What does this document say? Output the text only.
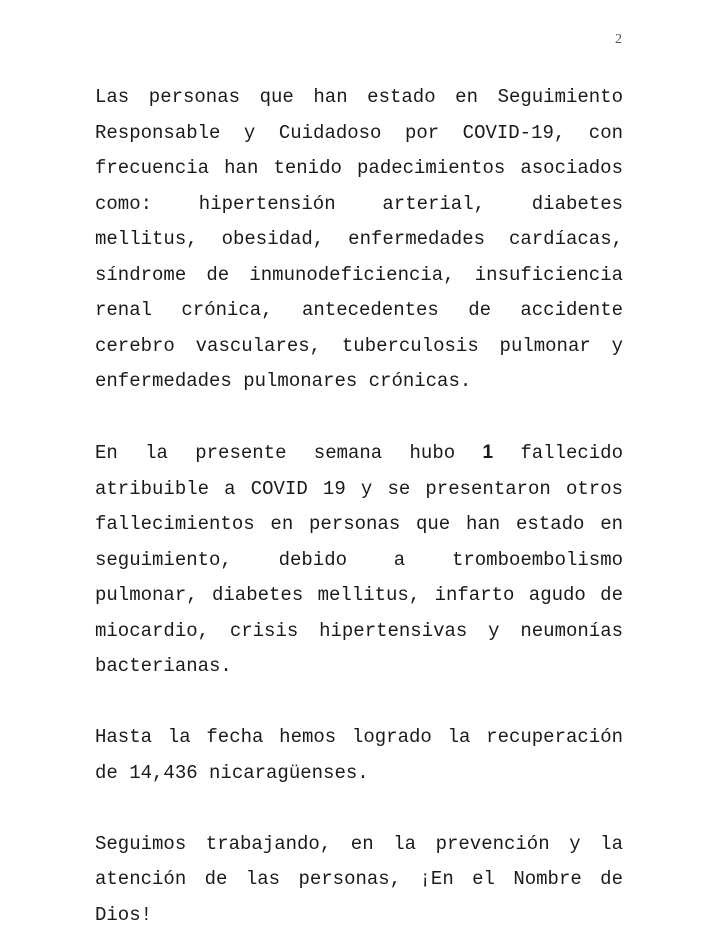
2

Las personas que han estado en Seguimiento Responsable y Cuidadoso por COVID-19, con frecuencia han tenido padecimientos asociados como: hipertensión arterial, diabetes mellitus, obesidad, enfermedades cardíacas, síndrome de inmunodeficiencia, insuficiencia renal crónica, antecedentes de accidente cerebro vasculares, tuberculosis pulmonar y enfermedades pulmonares crónicas.

En la presente semana hubo 1 fallecido atribuible a COVID 19 y se presentaron otros fallecimientos en personas que han estado en seguimiento, debido a tromboembolismo pulmonar, diabetes mellitus, infarto agudo de miocardio, crisis hipertensivas y neumonías bacterianas.

Hasta la fecha hemos logrado la recuperación de 14,436 nicaragüenses.

Seguimos trabajando, en la prevención y la atención de las personas, ¡En el Nombre de Dios!
